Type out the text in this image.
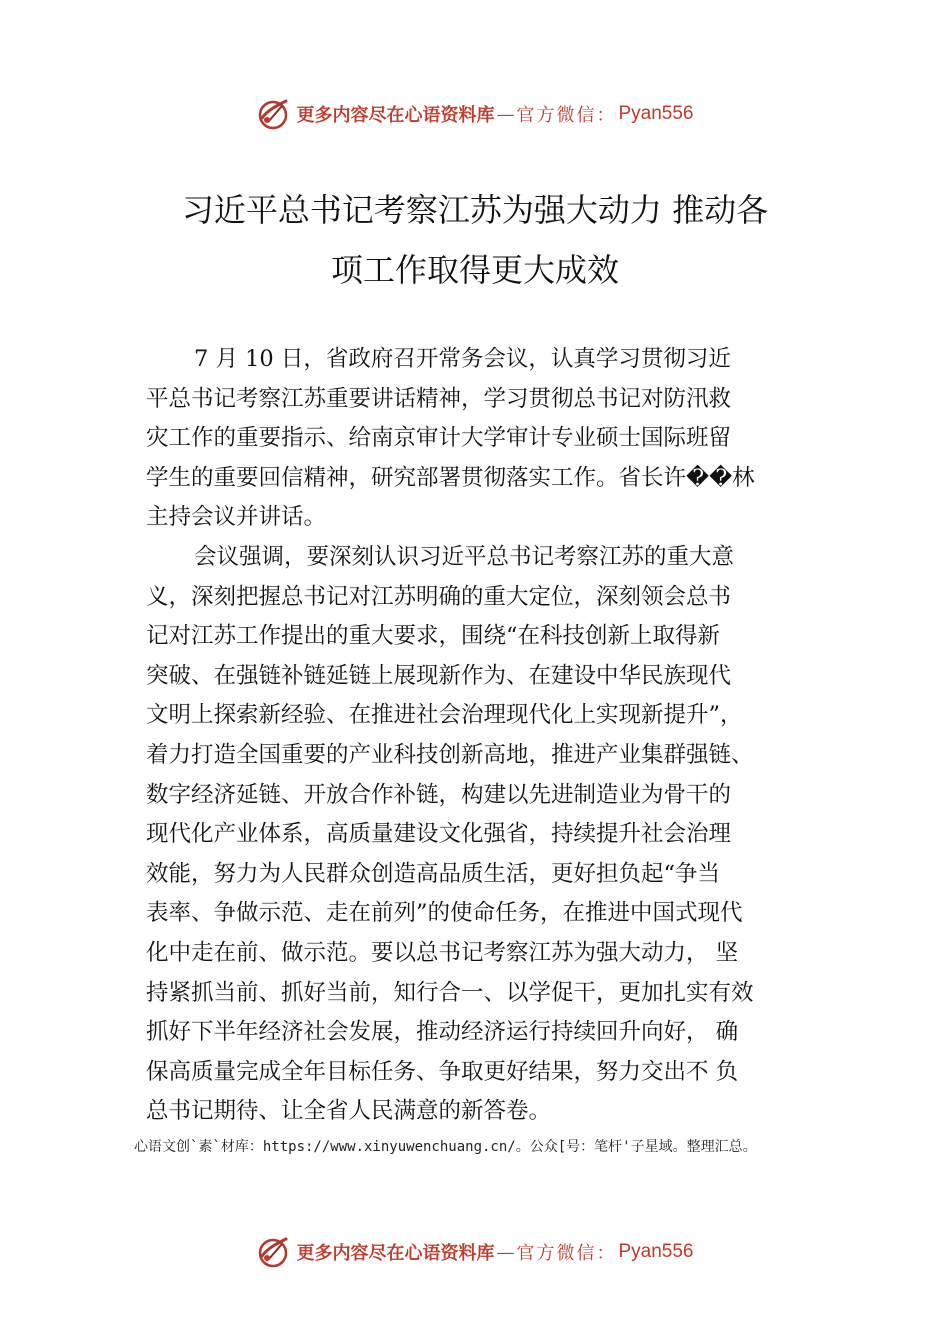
更多内容尽在心语资料库 — 官方微信： Pyan556
习近平总书记考察江苏为强大动力 推动各
项工作取得更大成效
7 月 10 日，省政府召开常务会议，认真学习贯彻习近
平总书记考察江苏重要讲话精神，学习贯彻总书记对防汛救
灾工作的重要指示、给南京审计大学审计专业硕士国际班留
学生的重要回信精神，研究部署贯彻落实工作。省长许��林
主持会议并讲话。
会议强调，要深刻认识习近平总书记考察江苏的重大意
义，深刻把握总书记对江苏明确的重大定位，深刻领会总书
记对江苏工作提出的重大要求，围绕“在科技创新上取得新
突破、在强链补链延链上展现新作为、在建设中华民族现代
文明上探索新经验、在推进社会治理现代化上实现新提升”，
着力打造全国重要的产业科技创新高地，推进产业集群强链、
数字经济延链、开放合作补链，构建以先进制造业为骨干的
现代化产业体系，高质量建设文化强省，持续提升社会治理
效能，努力为人民群众创造高品质生活，更好担负起“争当
表率、争做示范、走在前列”的使命任务，在推进中国式现代
化中走在前、做示范。要以总书记考察江苏为强大动力， 坚
持紧抓当前、抓好当前，知行合一、以学促干，更加扎实有效
抓好下半年经济社会发展，推动经济运行持续回升向好， 确
保高质量完成全年目标任务、争取更好结果，努力交出不 负
总书记期待、让全省人民满意的新答卷。
心语文创`素`材库：https://www.xinyuwenchuang.cn/。公众[号：笔杆'子星域。整理汇总。
更多内容尽在心语资料库 — 官方微信： Pyan556
